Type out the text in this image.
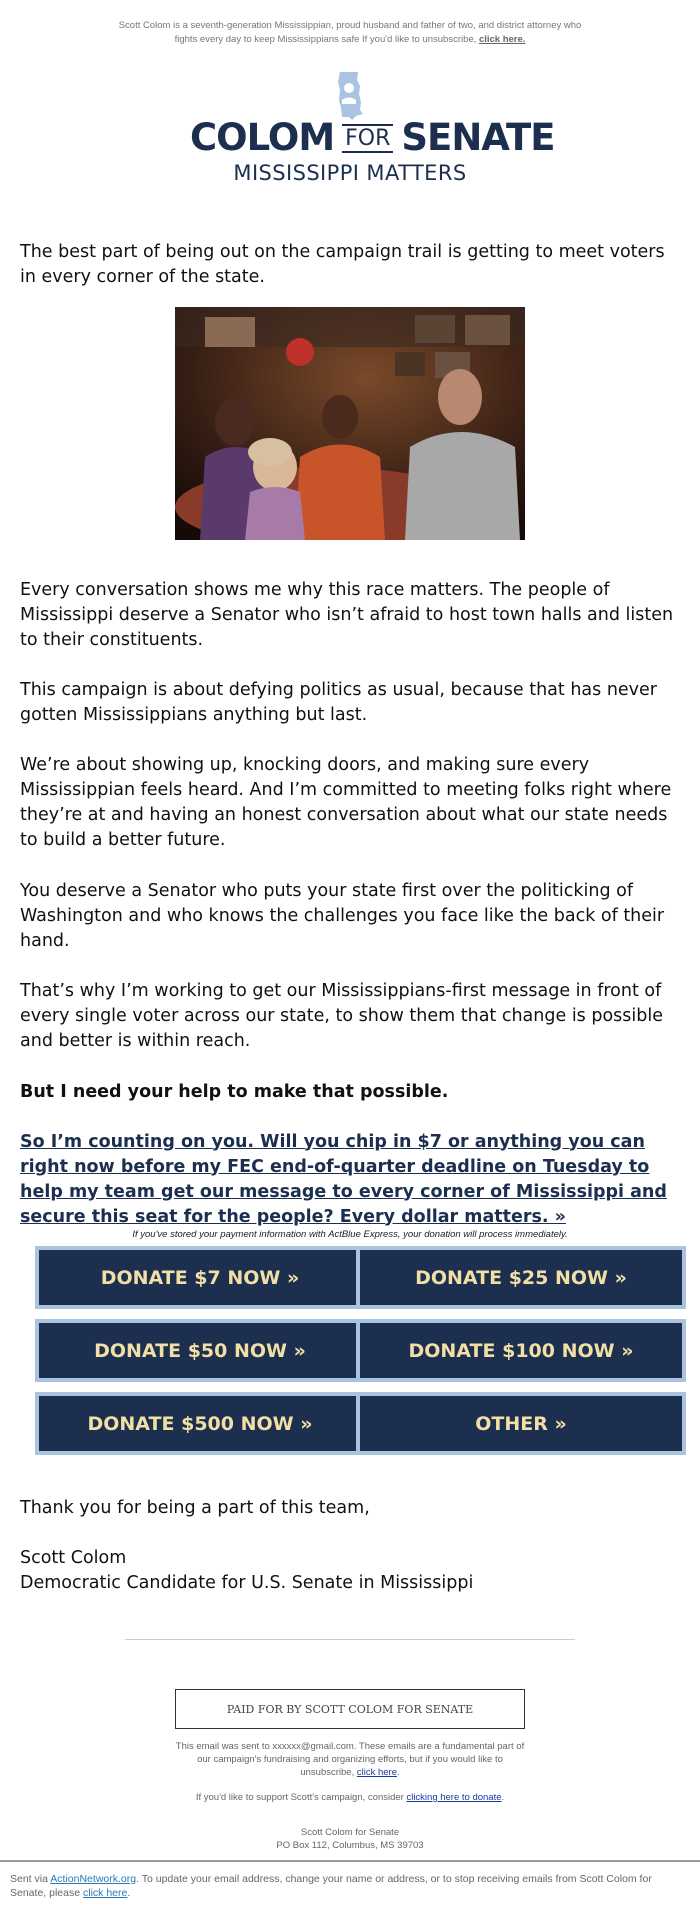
Scott Colom is a seventh-generation Mississippian, proud husband and father of two, and district attorney who fights every day to keep Mississippians safe If you'd like to unsubscribe, click here.
COLOM FOR SENATE
MISSISSIPPI MATTERS

The best part of being out on the campaign trail is getting to meet voters in every corner of the state.

Every conversation shows me why this race matters. The people of Mississippi deserve a Senator who isn’t afraid to host town halls and listen to their constituents.

This campaign is about defying politics as usual, because that has never gotten Mississippians anything but last.

We’re about showing up, knocking doors, and making sure every Mississippian feels heard. And I’m committed to meeting folks right where they’re at and having an honest conversation about what our state needs to build a better future.

You deserve a Senator who puts your state first over the politicking of Washington and who knows the challenges you face like the back of their hand.

That’s why I’m working to get our Mississippians-first message in front of every single voter across our state, to show them that change is possible and better is within reach.

But I need your help to make that possible.

So I’m counting on you. Will you chip in $7 or anything you can right now before my FEC end-of-quarter deadline on Tuesday to help my team get our message to every corner of Mississippi and secure this seat for the people? Every dollar matters. »

If you've stored your payment information with ActBlue Express, your donation will process immediately.
DONATE $7 NOW »	DONATE $25 NOW »
DONATE $50 NOW »	DONATE $100 NOW »
DONATE $500 NOW »	OTHER »

Thank you for being a part of this team,

Scott Colom

Democratic Candidate for U.S. Senate in Mississippi

PAID FOR BY SCOTT COLOM FOR SENATE
This email was sent to xxxxxx@gmail.com. These emails are a fundamental part of our campaign's fundraising and organizing efforts, but if you would like to unsubscribe, click here.
If you'd like to support Scott's campaign, consider clicking here to donate.
Scott Colom for Senate
PO Box 112, Columbus, MS 39703
Sent via ActionNetwork.org. To update your email address, change your name or address, or to stop receiving emails from Scott Colom for Senate, please click here.
